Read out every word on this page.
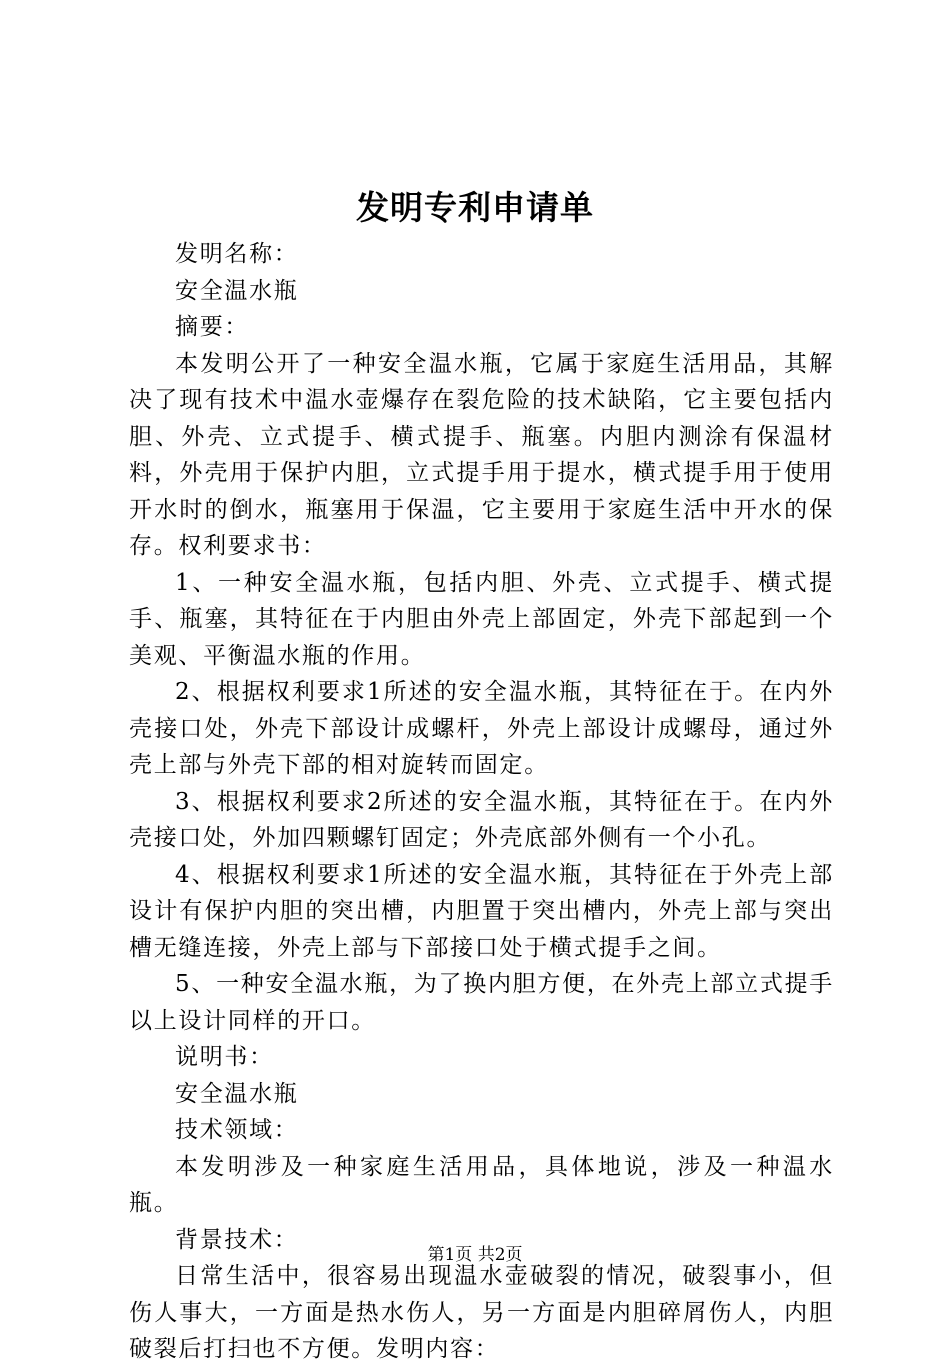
发明专利申请单

发明名称：

安全温水瓶

摘要：

本发明公开了一种安全温水瓶，它属于家庭生活用品，其解决了现有技术中温水壶爆存在裂危险的技术缺陷，它主要包括内胆、外壳、立式提手、横式提手、瓶塞。内胆内测涂有保温材料，外壳用于保护内胆，立式提手用于提水，横式提手用于使用开水时的倒水，瓶塞用于保温，它主要用于家庭生活中开水的保存。权利要求书：

1、一种安全温水瓶，包括内胆、外壳、立式提手、横式提手、瓶塞，其特征在于内胆由外壳上部固定，外壳下部起到一个美观、平衡温水瓶的作用。

2、根据权利要求1所述的安全温水瓶，其特征在于。在内外壳接口处，外壳下部设计成螺杆，外壳上部设计成螺母，通过外壳上部与外壳下部的相对旋转而固定。

3、根据权利要求2所述的安全温水瓶，其特征在于。在内外壳接口处，外加四颗螺钉固定；外壳底部外侧有一个小孔。

4、根据权利要求1所述的安全温水瓶，其特征在于外壳上部设计有保护内胆的突出槽，内胆置于突出槽内，外壳上部与突出槽无缝连接，外壳上部与下部接口处于横式提手之间。

5、一种安全温水瓶，为了换内胆方便，在外壳上部立式提手以上设计同样的开口。

说明书：

安全温水瓶

技术领域：

本发明涉及一种家庭生活用品，具体地说，涉及一种温水瓶。

背景技术：

日常生活中，很容易出现温水壶破裂的情况，破裂事小，但伤人事大，一方面是热水伤人，另一方面是内胆碎屑伤人，内胆破裂后打扫也不方便。发明内容：

第1页 共2页
